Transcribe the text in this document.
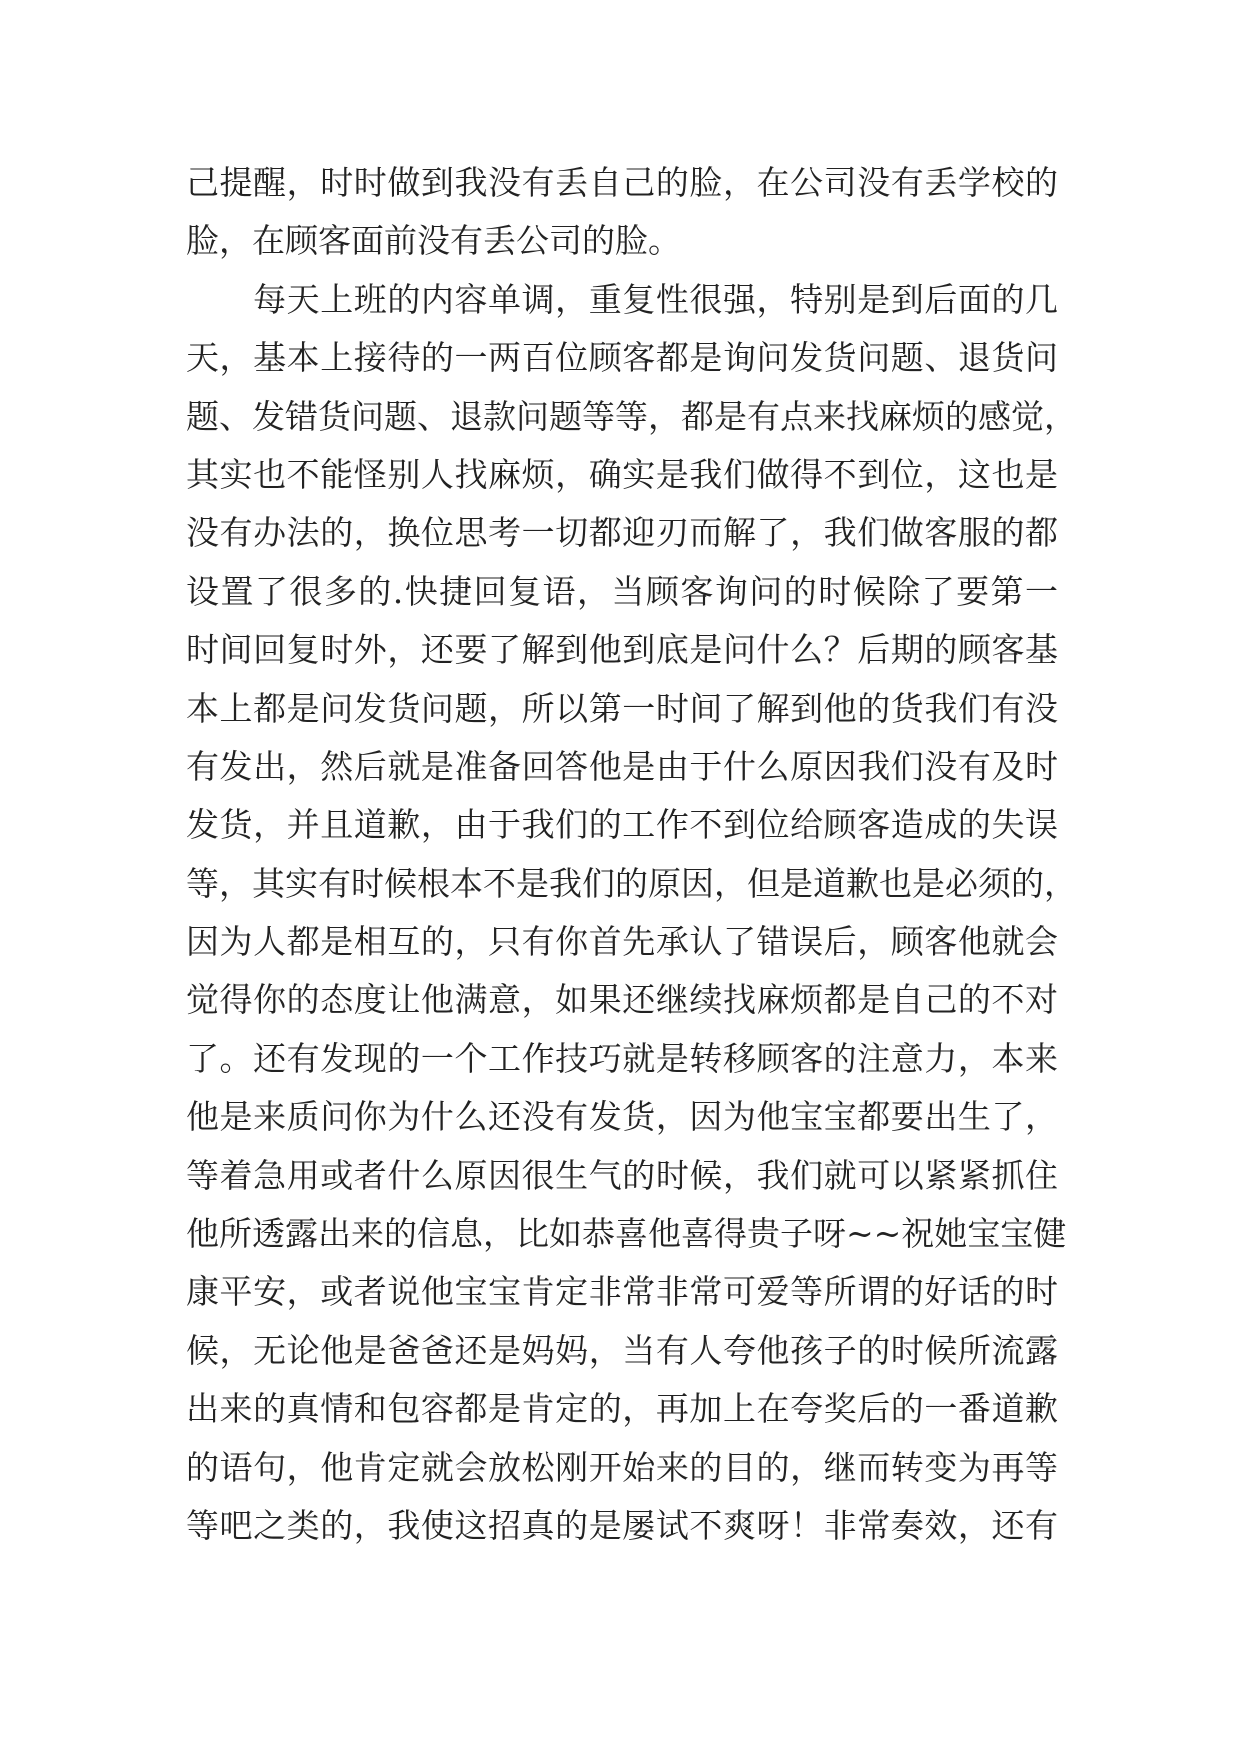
己提醒，时时做到我没有丢自己的脸，在公司没有丢学校的
脸，在顾客面前没有丢公司的脸。
　　每天上班的内容单调，重复性很强，特别是到后面的几
天，基本上接待的一两百位顾客都是询问发货问题、退货问
题、发错货问题、退款问题等等，都是有点来找麻烦的感觉，
其实也不能怪别人找麻烦，确实是我们做得不到位，这也是
没有办法的，换位思考一切都迎刃而解了，我们做客服的都
设置了很多的.快捷回复语，当顾客询问的时候除了要第一
时间回复时外，还要了解到他到底是问什么？后期的顾客基
本上都是问发货问题，所以第一时间了解到他的货我们有没
有发出，然后就是准备回答他是由于什么原因我们没有及时
发货，并且道歉，由于我们的工作不到位给顾客造成的失误
等，其实有时候根本不是我们的原因，但是道歉也是必须的，
因为人都是相互的，只有你首先承认了错误后，顾客他就会
觉得你的态度让他满意，如果还继续找麻烦都是自己的不对
了。还有发现的一个工作技巧就是转移顾客的注意力，本来
他是来质问你为什么还没有发货，因为他宝宝都要出生了，
等着急用或者什么原因很生气的时候，我们就可以紧紧抓住
他所透露出来的信息，比如恭喜他喜得贵子呀~~祝她宝宝健
康平安，或者说他宝宝肯定非常非常可爱等所谓的好话的时
候，无论他是爸爸还是妈妈，当有人夸他孩子的时候所流露
出来的真情和包容都是肯定的，再加上在夸奖后的一番道歉
的语句，他肯定就会放松刚开始来的目的，继而转变为再等
等吧之类的，我使这招真的是屡试不爽呀！非常奏效，还有
